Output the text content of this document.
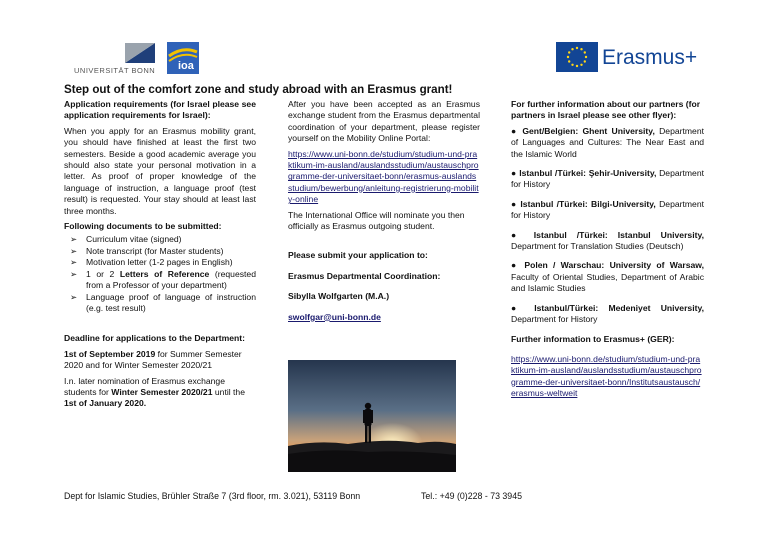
UNIVERSITÄT BONN ioa	Erasmus+
Step out of the comfort zone and study abroad with an Erasmus grant!
Application requirements (for Israel please see application requirements for Israel):
When you apply for an Erasmus mobility grant, you should have finished at least the first two semesters. Beside a good academic average you should also state your personal motivation in a letter. As proof of proper knowledge of the language of instruction, a language proof (test result) is requested. Your stay should at least last three months.
Following documents to be submitted:
➢ Curriculum vitae (signed)
➢ Note transcript (for Master students)
➢ Motivation letter (1-2 pages in English)
➢ 1 or 2 Letters of Reference (requested from a Professor of your department)
➢ Language proof of language of instruction (e.g. test result)
Deadline for applications to the Department:
1st of September 2019 for Summer Semester 2020 and for Winter Semester 2020/21
I.n. later nomination of Erasmus exchange students for Winter Semester 2020/21 until the 1st of January 2020.
After you have been accepted as an Erasmus exchange student from the Erasmus departmental coordination of your department, please register yourself on the Mobility Online Portal:
https://www.uni-bonn.de/studium/studium-und-praktikum-im-ausland/auslandsstudium/austauschprogramme-der-universitaet-bonn/erasmus-auslandsstudium/bewerbung/anleitung-registrierung-mobility-online
The International Office will nominate you then officially as Erasmus outgoing student.
Please submit your application to:
Erasmus Departmental Coordination:
Sibylla Wolfgarten (M.A.)
swolfgar@uni-bonn.de
For further information about our partners (for partners in Israel please see other flyer):

● Gent/Belgien: Ghent University, Department of Languages and Cultures: The Near East and the Islamic World

● Istanbul /Türkei: Şehir-University, Department for History

● Istanbul /Türkei: Bilgi-University, Department for History

● Istanbul /Türkei: Istanbul University, Department for Translation Studies (Deutsch)

● Polen / Warschau: University of Warsaw, Faculty of Oriental Studies, Department of Arabic and Islamic Studies

● Istanbul/Türkei: Medeniyet University, Department for History

Further information to Erasmus+ (GER):
https://www.uni-bonn.de/studium/studium-und-praktikum-im-ausland/auslandsstudium/austauschprogramme-der-universitaet-bonn/Institutsaustausch/erasmus-weltweit
Dept for Islamic Studies, Brühler Straße 7 (3rd floor, rm. 3.021), 53119 Bonn	Tel.: +49 (0)228 - 73 3945
